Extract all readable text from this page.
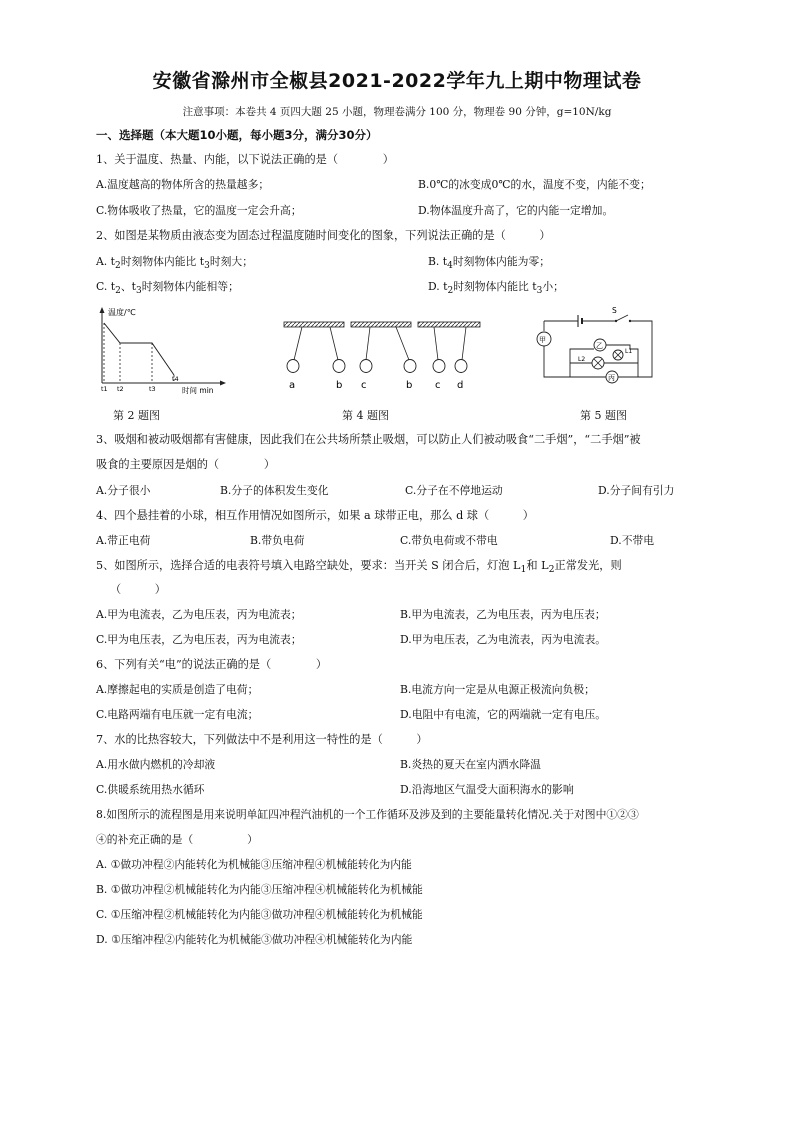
安徽省滁州市全椒县2021-2022学年九上期中物理试卷
注意事项：本卷共 4 页四大题 25 小题，物理卷满分 100 分，物理卷 90 分钟，g=10N/kg
一、选择题（本大题10小题，每小题3分，满分30分）
1、关于温度、热量、内能，以下说法正确的是（　　　　）
A.温度越高的物体所含的热量越多；	B.0℃的冰变成0℃的水，温度不变，内能不变；
C.物体吸收了热量，它的温度一定会升高；	D.物体温度升高了，它的内能一定增加。
2、如图是某物质由液态变为固态过程温度随时间变化的图象，下列说法正确的是（　　　）
A. $t_2$时刻物体内能比 $t_3$时刻大；	B. $t_4$时刻物体内能为零；
C. $t_2$、$t_3$时刻物体内能相等；	D. $t_2$时刻物体内能比 $t_3$小；
温度/℃
t1 t2	t3
t4
时间 min
第 2 题图
a	b c	b c d
第 4 题图
S
甲
乙
丙
L1
L2
第 5 题图
3、吸烟和被动吸烟都有害健康，因此我们在公共场所禁止吸烟，可以防止人们被动吸食“二手烟”，“二手烟”被
吸食的主要原因是烟的（　　　　）
A.分子很小	B.分子的体积发生变化	C.分子在不停地运动	D.分子间有引力
4、四个悬挂着的小球，相互作用情况如图所示，如果 a 球带正电，那么 d 球（　　　）
A.带正电荷	B.带负电荷	C.带负电荷或不带电	D.不带电
5、如图所示，选择合适的电表符号填入电路空缺处，要求：当开关 S 闭合后，灯泡 $L_1$和 $L_2$正常发光，则
（　　　）
A.甲为电流表，乙为电压表，丙为电流表；	B.甲为电流表，乙为电压表，丙为电压表；
C.甲为电压表，乙为电压表，丙为电流表；	D.甲为电压表，乙为电流表，丙为电流表。
6、下列有关“电”的说法正确的是（　　　　）
A.摩擦起电的实质是创造了电荷；	B.电流方向一定是从电源正极流向负极；
C.电路两端有电压就一定有电流；	D.电阻中有电流，它的两端就一定有电压。
7、水的比热容较大，下列做法中不是利用这一特性的是（　　　）
A.用水做内燃机的冷却液	B.炎热的夏天在室内洒水降温
C.供暖系统用热水循环	D.沿海地区气温受大面积海水的影响
8.如图所示的流程图是用来说明单缸四冲程汽油机的一个工作循环及涉及到的主要能量转化情况.关于对图中①②③
④的补充正确的是（　　　　　）
A. ①做功冲程②内能转化为机械能③压缩冲程④机械能转化为内能
B. ①做功冲程②机械能转化为内能③压缩冲程④机械能转化为机械能
C. ①压缩冲程②机械能转化为内能③做功冲程④机械能转化为机械能
D. ①压缩冲程②内能转化为机械能③做功冲程④机械能转化为内能
